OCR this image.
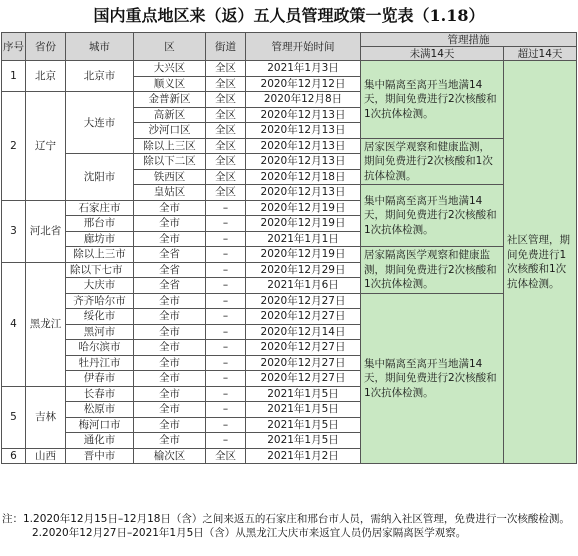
国内重点地区来（返）五人员管理政策一览表（1.18）
序号	省份	城市	区	街道	管理开始时间	管理措施	
						未满14天	超过14天
1	北京	北京市	大兴区	全区	2021年1月3日	集中隔离至离开当地满14天，期间免费进行2次核酸和1次抗体检测。	社区管理，期间免费进行1次核酸和1次抗体检测。
			顺义区	全区	2020年12月12日		
2	辽宁	大连市	金普新区	全区	2020年12月8日		
			高新区	全区	2020年12月13日		
			沙河口区	全区	2020年12月13日		
			除以上三区	全区	2020年12月13日	居家医学观察和健康监测，期间免费进行2次核酸和1次抗体检测。	
		沈阳市	除以下二区	全区	2020年12月13日		
			铁西区	全区	2020年12月18日		
			皇姑区	全区	2020年12月13日	集中隔离至离开当地满14天，期间免费进行2次核酸和1次抗体检测。	
3	河北省	石家庄市	全市	–	2020年12月19日		
		邢台市	全市	–	2020年12月19日		
		廊坊市	全市	–	2021年1月1日		
		除以上三市	全省	–	2020年12月19日	居家隔离医学观察和健康监测，期间免费进行2次核酸和1次抗体检测。	
4	黑龙江	除以下七市	全省	–	2020年12月29日		
		大庆市	全省	–	2021年1月6日		
		齐齐哈尔市	全市	–	2020年12月27日	集中隔离至离开当地满14天，期间免费进行2次核酸和1次抗体检测。	
		绥化市	全市	–	2020年12月27日		
		黑河市	全市	–	2020年12月14日		
		哈尔滨市	全市	–	2020年12月27日		
		牡丹江市	全市	–	2020年12月27日		
		伊春市	全市	–	2020年12月27日		
5	吉林	长春市	全市	–	2021年1月5日		
		松原市	全市	–	2021年1月5日		
		梅河口市	全市	–	2021年1月5日		
		通化市	全市	–	2021年1月5日		
6	山西	晋中市	榆次区	全区	2021年1月2日		
注：1.2020年12月15日–12月18日（含）之间来返五的石家庄和邢台市人员，需纳入社区管理，免费进行一次核酸检测。
2.2020年12月27日–2021年1月5日（含）从黑龙江大庆市来返宜人员仍居家隔离医学观察。
